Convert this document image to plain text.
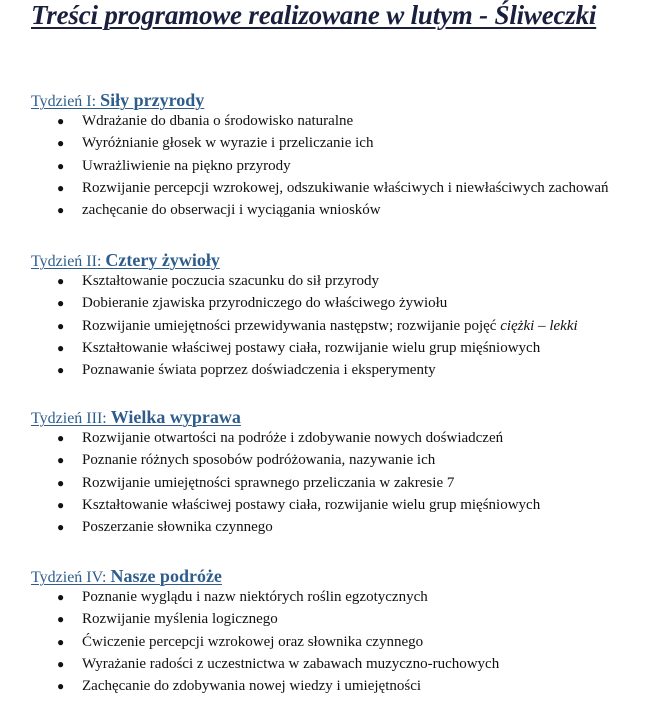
Treści programowe realizowane w lutym - Śliweczki
Tydzień I: Siły przyrody
● Wdrażanie do dbania o środowisko naturalne
● Wyróżnianie głosek w wyrazie i przeliczanie ich
● Uwrażliwienie na piękno przyrody
● Rozwijanie percepcji wzrokowej, odszukiwanie właściwych i niewłaściwych zachowań
● zachęcanie do obserwacji i wyciągania wniosków
Tydzień II: Cztery żywioły
● Kształtowanie poczucia szacunku do sił przyrody
● Dobieranie zjawiska przyrodniczego do właściwego żywiołu
● Rozwijanie umiejętności przewidywania następstw; rozwijanie pojęć ciężki – lekki
● Kształtowanie właściwej postawy ciała, rozwijanie wielu grup mięśniowych
● Poznawanie świata poprzez doświadczenia i eksperymenty
Tydzień III: Wielka wyprawa
● Rozwijanie otwartości na podróże i zdobywanie nowych doświadczeń
● Poznanie różnych sposobów podróżowania, nazywanie ich
● Rozwijanie umiejętności sprawnego przeliczania w zakresie 7
● Kształtowanie właściwej postawy ciała, rozwijanie wielu grup mięśniowych
● Poszerzanie słownika czynnego
Tydzień IV: Nasze podróże
● Poznanie wyglądu i nazw niektórych roślin egzotycznych
● Rozwijanie myślenia logicznego
● Ćwiczenie percepcji wzrokowej oraz słownika czynnego
● Wyrażanie radości z uczestnictwa w zabawach muzyczno-ruchowych
● Zachęcanie do zdobywania nowej wiedzy i umiejętności
